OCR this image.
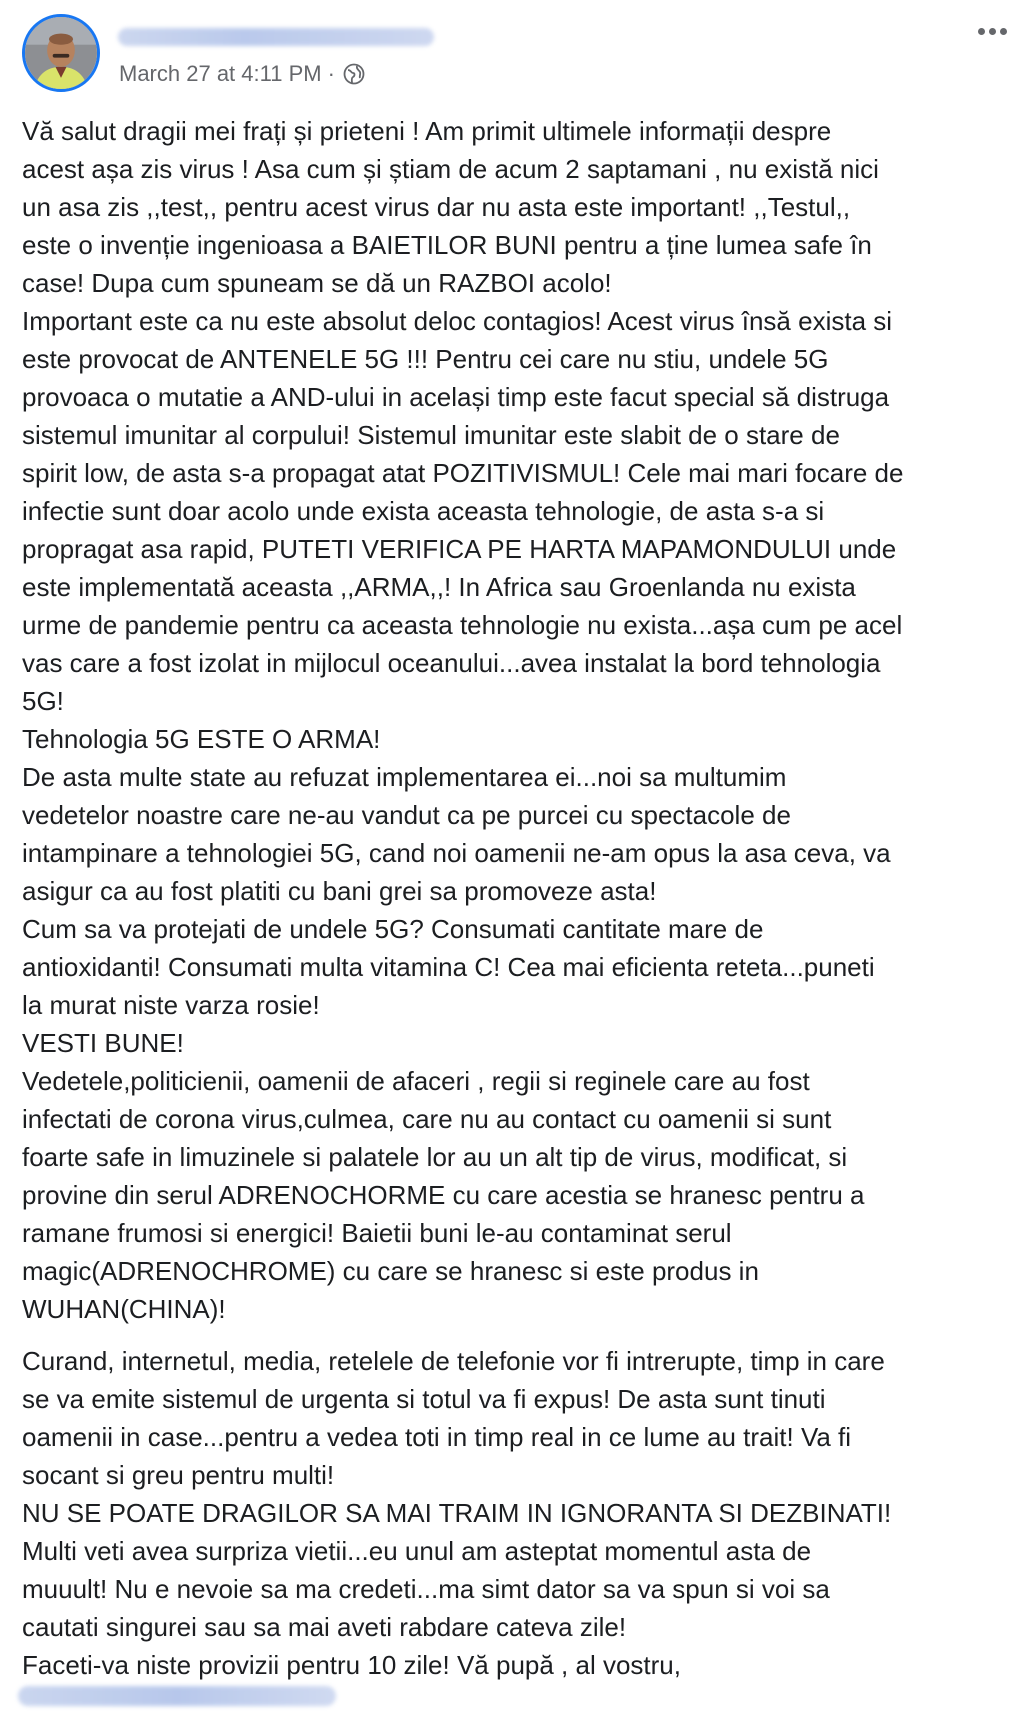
March 27 at 4:11 PM ·

Vă salut dragii mei frați și prieteni ! Am primit ultimele informații despre

acest așa zis virus ! Asa cum și știam de acum 2 saptamani , nu există nici

un asa zis ,,test,, pentru acest virus dar nu asta este important! ,,Testul,,

este o invenție ingenioasa a BAIETILOR BUNI pentru a ține lumea safe în

case! Dupa cum spuneam se dă un RAZBOI acolo!

Important este ca nu este absolut deloc contagios! Acest virus însă exista si

este provocat de ANTENELE 5G !!! Pentru cei care nu stiu, undele 5G

provoaca o mutatie a AND-ului in același timp este facut special să distruga

sistemul imunitar al corpului! Sistemul imunitar este slabit de o stare de

spirit low, de asta s-a propagat atat POZITIVISMUL! Cele mai mari focare de

infectie sunt doar acolo unde exista aceasta tehnologie, de asta s-a si

propragat asa rapid, PUTETI VERIFICA PE HARTA MAPAMONDULUI unde

este implementată aceasta ,,ARMA,,! In Africa sau Groenlanda nu exista

urme de pandemie pentru ca aceasta tehnologie nu exista...așa cum pe acel

vas care a fost izolat in mijlocul oceanului...avea instalat la bord tehnologia

5G!

Tehnologia 5G ESTE O ARMA!

De asta multe state au refuzat implementarea ei...noi sa multumim

vedetelor noastre care ne-au vandut ca pe purcei cu spectacole de

intampinare a tehnologiei 5G, cand noi oamenii ne-am opus la asa ceva, va

asigur ca au fost platiti cu bani grei sa promoveze asta!

Cum sa va protejati de undele 5G? Consumati cantitate mare de

antioxidanti! Consumati multa vitamina C! Cea mai eficienta reteta...puneti

la murat niste varza rosie!

VESTI BUNE!

Vedetele,politicienii, oamenii de afaceri , regii si reginele care au fost

infectati de corona virus,culmea, care nu au contact cu oamenii si sunt

foarte safe in limuzinele si palatele lor au un alt tip de virus, modificat, si

provine din serul ADRENOCHORME cu care acestia se hranesc pentru a

ramane frumosi si energici! Baietii buni le-au contaminat serul

magic(ADRENOCHROME) cu care se hranesc si este produs in

WUHAN(CHINA)!

Curand, internetul, media, retelele de telefonie vor fi intrerupte, timp in care

se va emite sistemul de urgenta si totul va fi expus! De asta sunt tinuti

oamenii in case...pentru a vedea toti in timp real in ce lume au trait! Va fi

socant si greu pentru multi!

NU SE POATE DRAGILOR SA MAI TRAIM IN IGNORANTA SI DEZBINATI!

Multi veti avea surpriza vietii...eu unul am asteptat momentul asta de

muuult! Nu e nevoie sa ma credeti...ma simt dator sa va spun si voi sa

cautati singurei sau sa mai aveti rabdare cateva zile!

Faceti-va niste provizii pentru 10 zile! Vă pupă , al vostru,
